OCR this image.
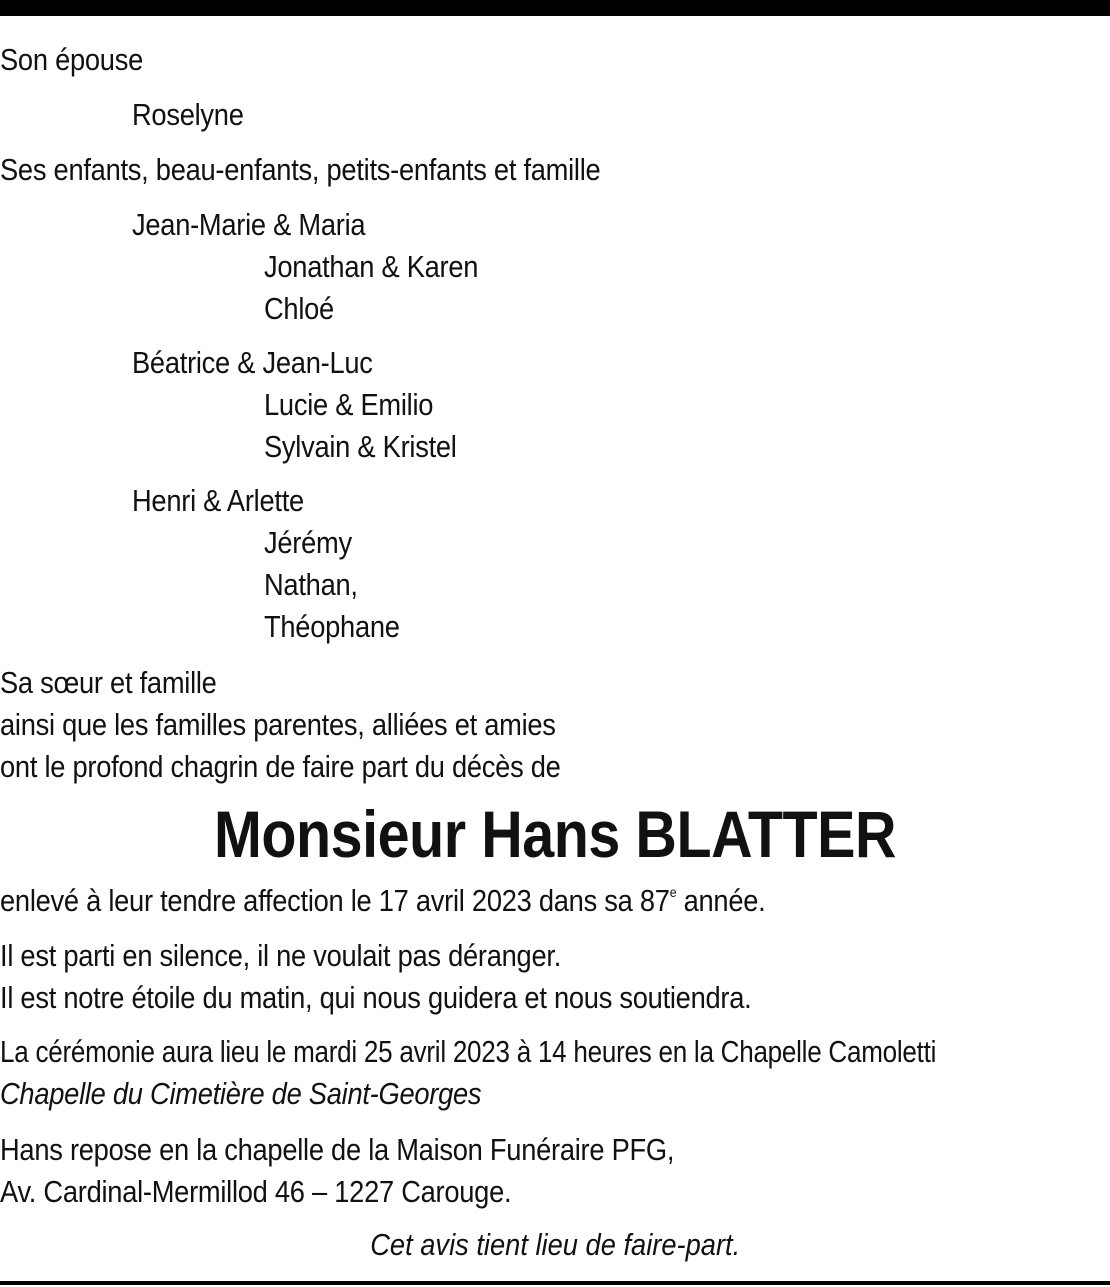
Son épouse
Roselyne
Ses enfants, beau-enfants, petits-enfants et famille
Jean-Marie & Maria
Jonathan & Karen
Chloé
Béatrice & Jean-Luc
Lucie & Emilio
Sylvain & Kristel
Henri & Arlette
Jérémy
Nathan,
Théophane
Sa sœur et famille
ainsi que les familles parentes, alliées et amies
ont le profond chagrin de faire part du décès de
Monsieur Hans BLATTER
enlevé à leur tendre affection le 17 avril 2023 dans sa 87e année.
Il est parti en silence, il ne voulait pas déranger.
Il est notre étoile du matin, qui nous guidera et nous soutiendra.
La cérémonie aura lieu le mardi 25 avril 2023 à 14 heures en la Chapelle Camoletti
Chapelle du Cimetière de Saint-Georges
Hans repose en la chapelle de la Maison Funéraire PFG,
Av. Cardinal-Mermillod 46 – 1227 Carouge.
Cet avis tient lieu de faire-part.
